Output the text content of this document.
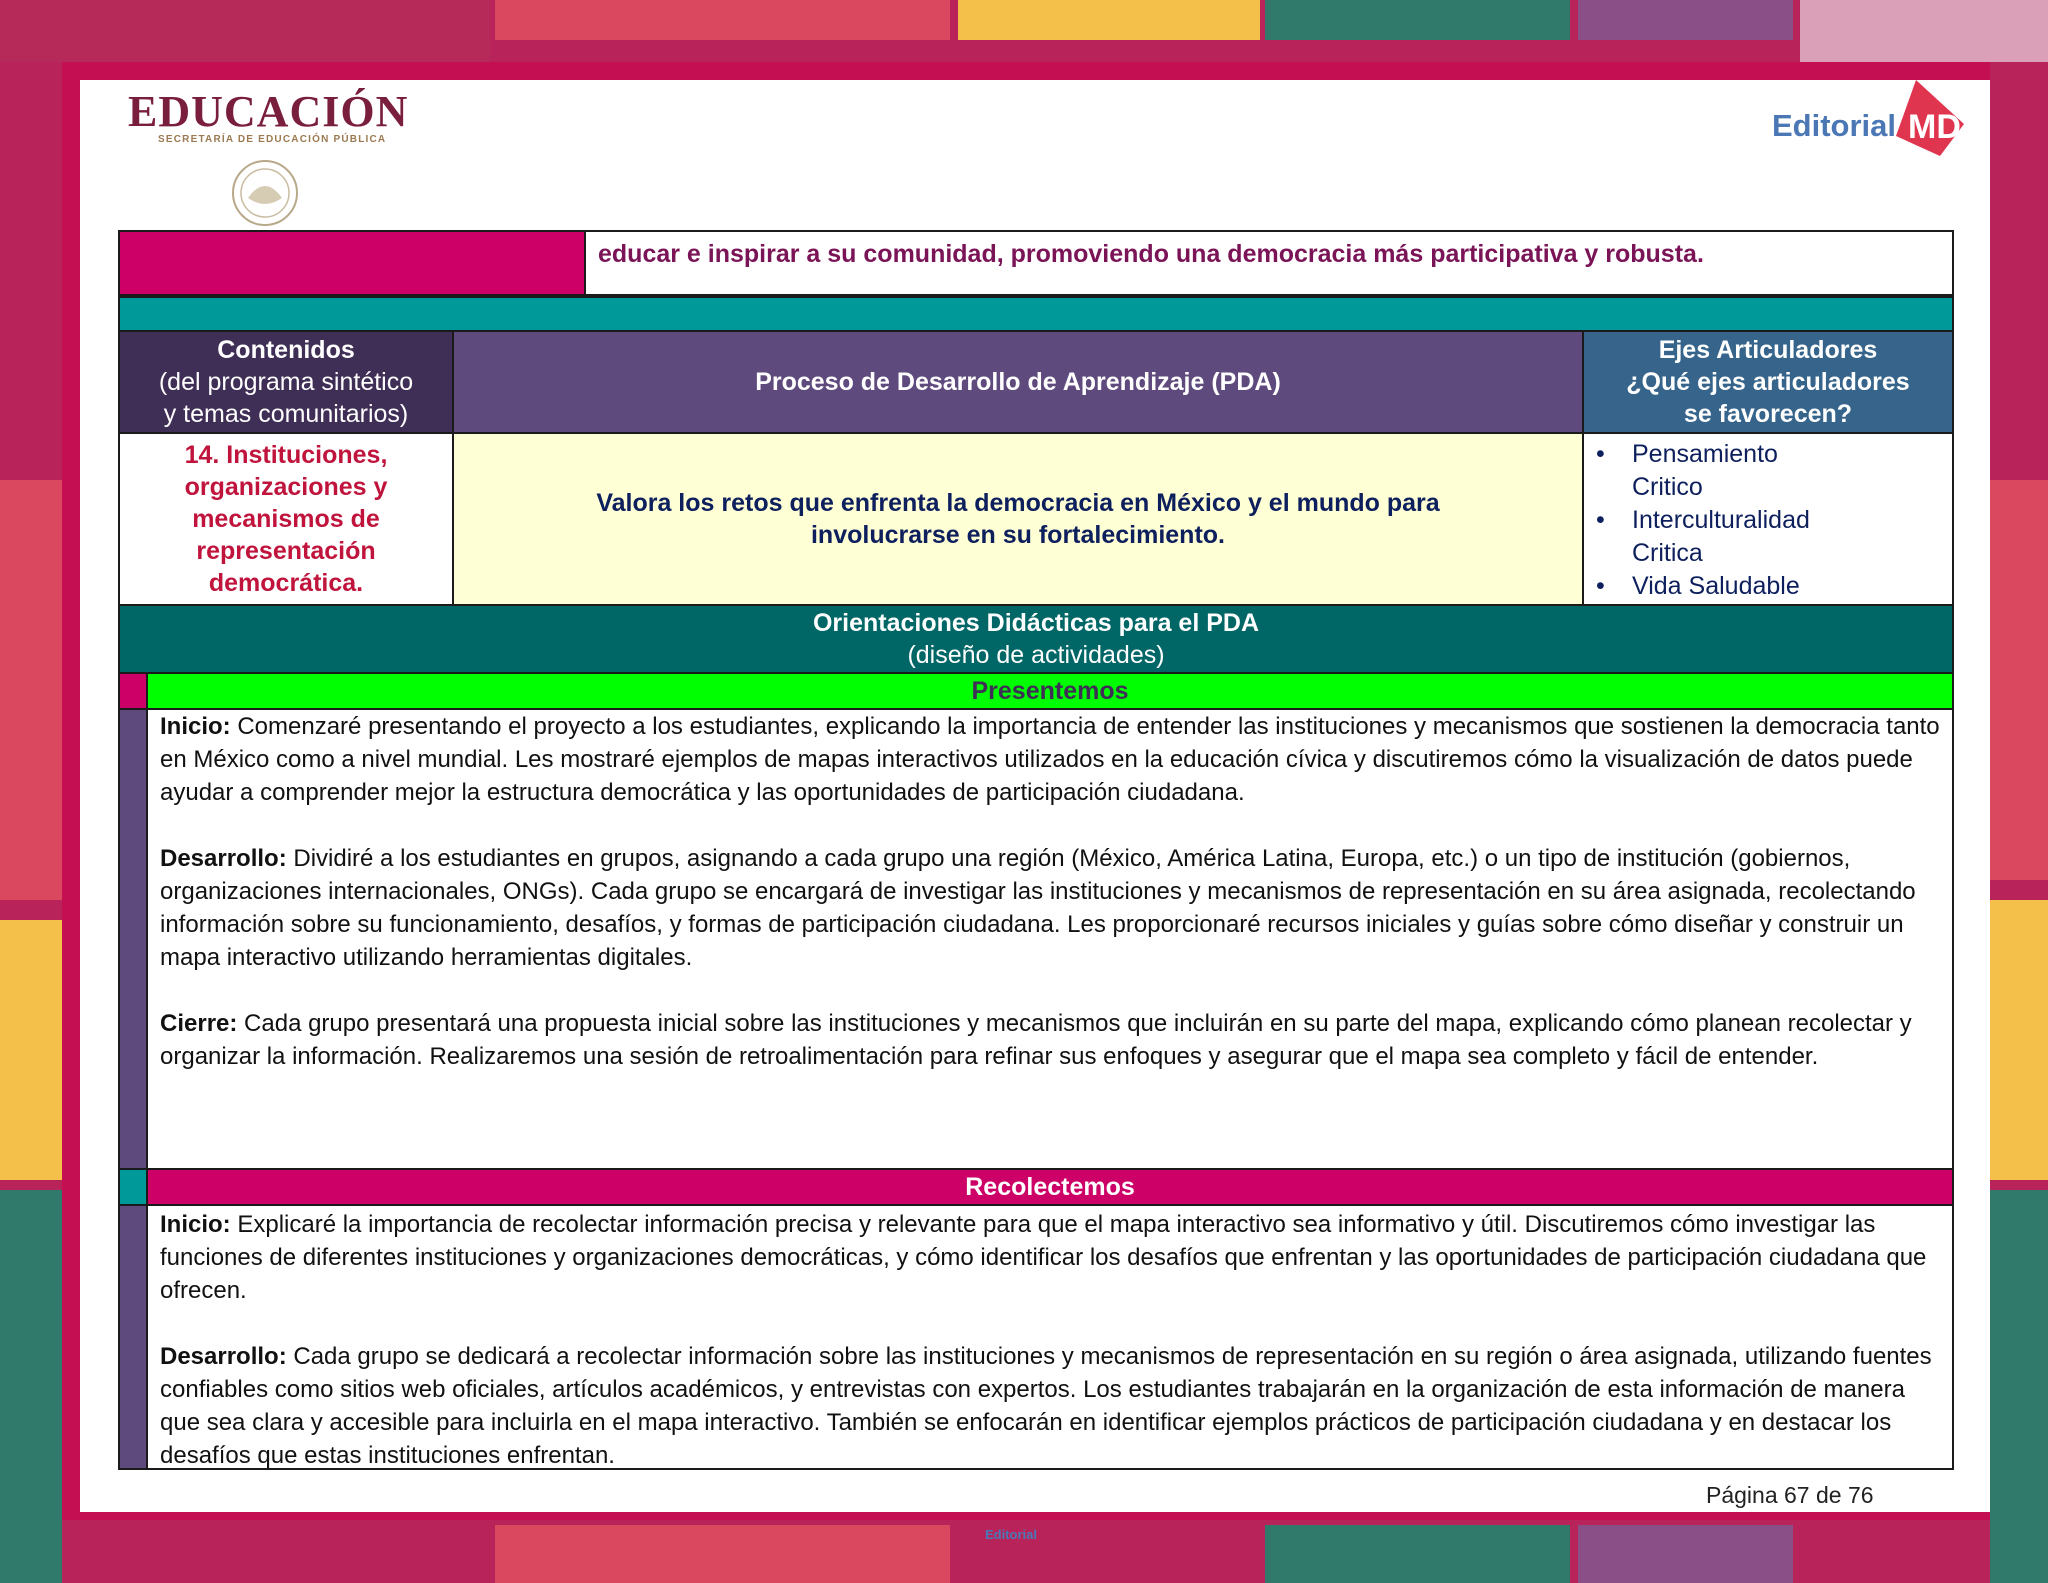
EDUCACIÓN
SECRETARÍA DE EDUCACIÓN PÚBLICA	Editorial MD
educar e inspirar a su comunidad, promoviendo una democracia más participativa y robusta.
Contenidos
(del programa sintético
y temas comunitarios)
Proceso de Desarrollo de Aprendizaje (PDA)
Ejes Articuladores
¿Qué ejes articuladores
se favorecen?
14. Instituciones,
organizaciones y
mecanismos de
representación
democrática.
Valora los retos que enfrenta la democracia en México y el mundo para
involucrarse en su fortalecimiento.
• Pensamiento
Critico
• Interculturalidad
Critica
• Vida Saludable
Orientaciones Didácticas para el PDA
(diseño de actividades)
Presentemos

Inicio: Comenzaré presentando el proyecto a los estudiantes, explicando la importancia de entender las instituciones y mecanismos que sostienen la democracia tanto en México como a nivel mundial. Les mostraré ejemplos de mapas interactivos utilizados en la educación cívica y discutiremos cómo la visualización de datos puede ayudar a comprender mejor la estructura democrática y las oportunidades de participación ciudadana.

Desarrollo: Dividiré a los estudiantes en grupos, asignando a cada grupo una región (México, América Latina, Europa, etc.) o un tipo de institución (gobiernos, organizaciones internacionales, ONGs). Cada grupo se encargará de investigar las instituciones y mecanismos de representación en su área asignada, recolectando información sobre su funcionamiento, desafíos, y formas de participación ciudadana. Les proporcionaré recursos iniciales y guías sobre cómo diseñar y construir un mapa interactivo utilizando herramientas digitales.

Cierre: Cada grupo presentará una propuesta inicial sobre las instituciones y mecanismos que incluirán en su parte del mapa, explicando cómo planean recolectar y organizar la información. Realizaremos una sesión de retroalimentación para refinar sus enfoques y asegurar que el mapa sea completo y fácil de entender.

Recolectemos

Inicio: Explicaré la importancia de recolectar información precisa y relevante para que el mapa interactivo sea informativo y útil. Discutiremos cómo investigar las funciones de diferentes instituciones y organizaciones democráticas, y cómo identificar los desafíos que enfrentan y las oportunidades de participación ciudadana que ofrecen.

Desarrollo: Cada grupo se dedicará a recolectar información sobre las instituciones y mecanismos de representación en su región o área asignada, utilizando fuentes confiables como sitios web oficiales, artículos académicos, y entrevistas con expertos. Los estudiantes trabajarán en la organización de esta información de manera que sea clara y accesible para incluirla en el mapa interactivo. También se enfocarán en identificar ejemplos prácticos de participación ciudadana y en destacar los desafíos que estas instituciones enfrentan.

Página 67 de 76
Editorial
